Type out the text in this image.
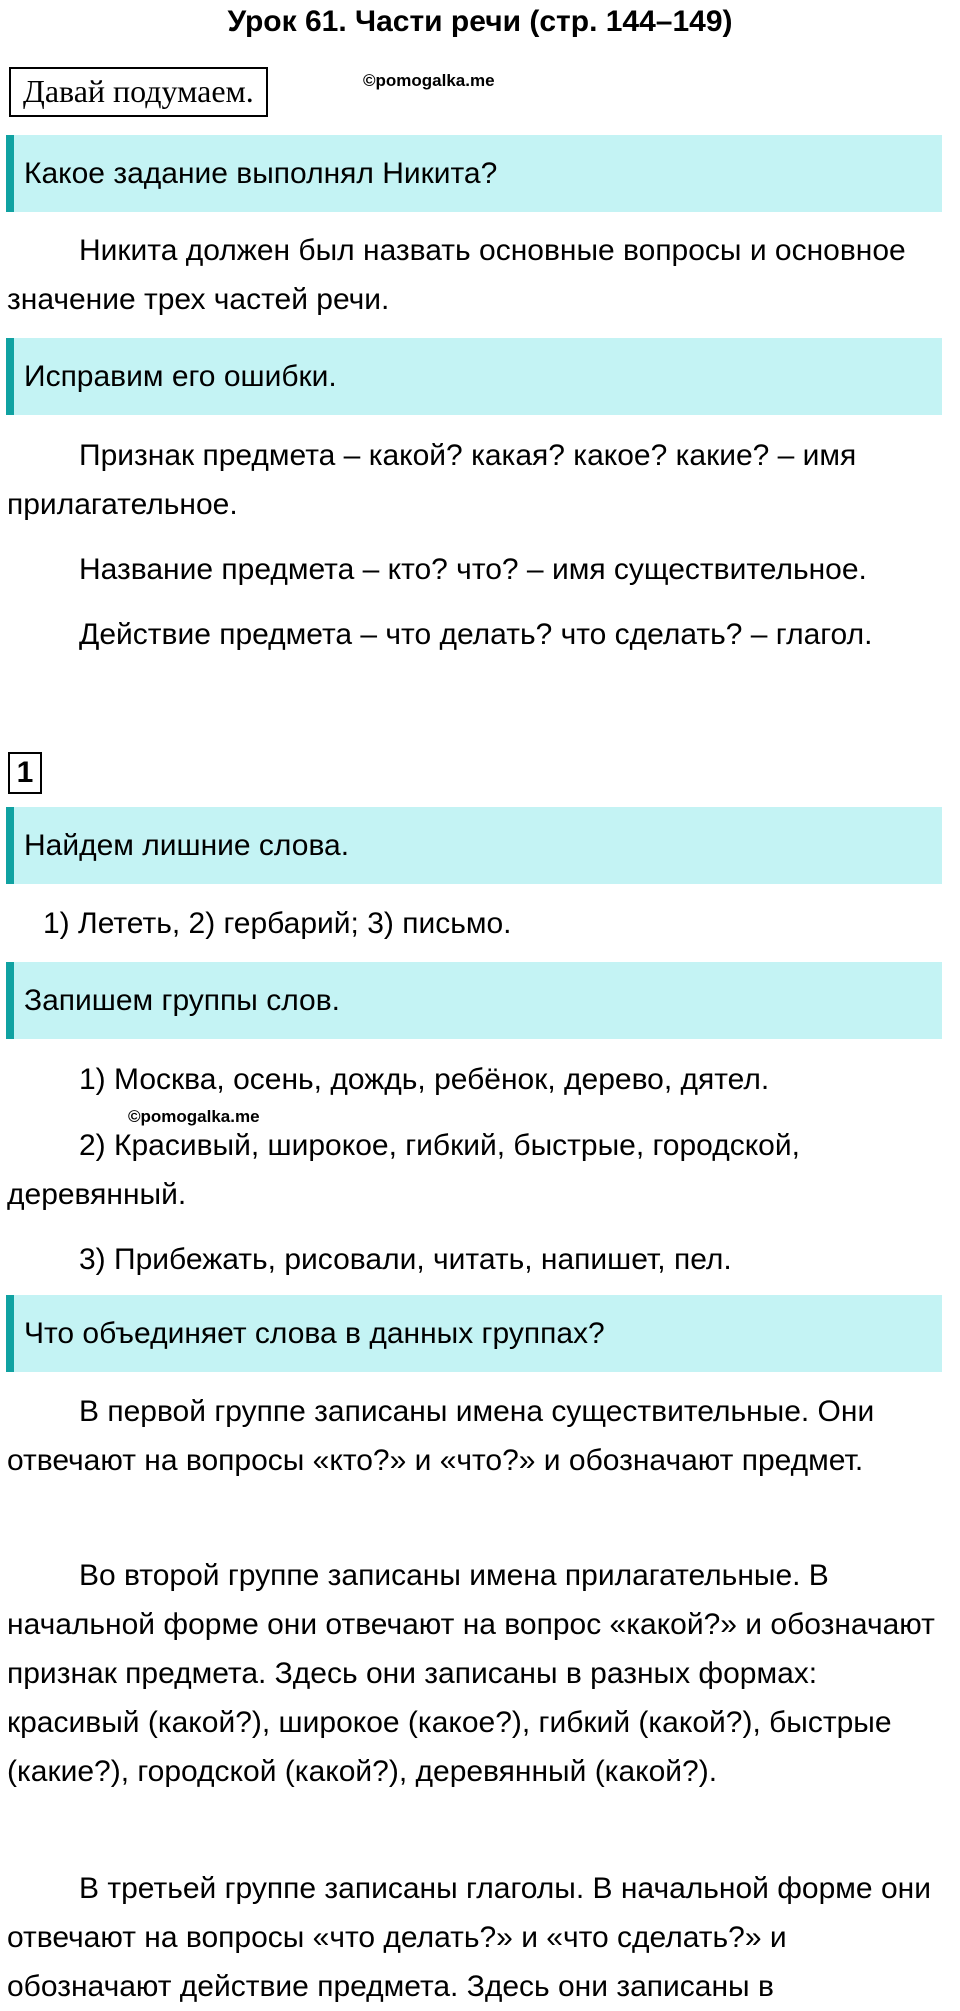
Урок 61. Части речи (стр. 144–149)
Давай подумаем.	©pomogalka.me
Какое задание выполнял Никита?

Никита должен был назвать основные вопросы и основное значение трех частей речи.

Исправим его ошибки.

Признак предмета – какой? какая? какое? какие? – имя прилагательное.

Название предмета – кто? что? – имя существительное.

Действие предмета – что делать? что сделать? – глагол.

1
Найдем лишние слова.

1) Лететь, 2) гербарий; 3) письмо.

Запишем группы слов.

1) Москва, осень, дождь, ребёнок, дерево, дятел.

©pomogalka.me

2) Красивый, широкое, гибкий, быстрые, городской, деревянный.

3) Прибежать, рисовали, читать, напишет, пел.

Что объединяет слова в данных группах?

В первой группе записаны имена существительные. Они отвечают на вопросы «кто?» и «что?» и обозначают предмет.

Во второй группе записаны имена прилагательные. В начальной форме они отвечают на вопрос «какой?» и обозначают признак предмета. Здесь они записаны в разных формах: красивый (какой?), широкое (какое?), гибкий (какой?), быстрые (какие?), городской (какой?), деревянный (какой?).

В третьей группе записаны глаголы. В начальной форме они отвечают на вопросы «что делать?» и «что сделать?» и обозначают действие предмета. Здесь они записаны в
